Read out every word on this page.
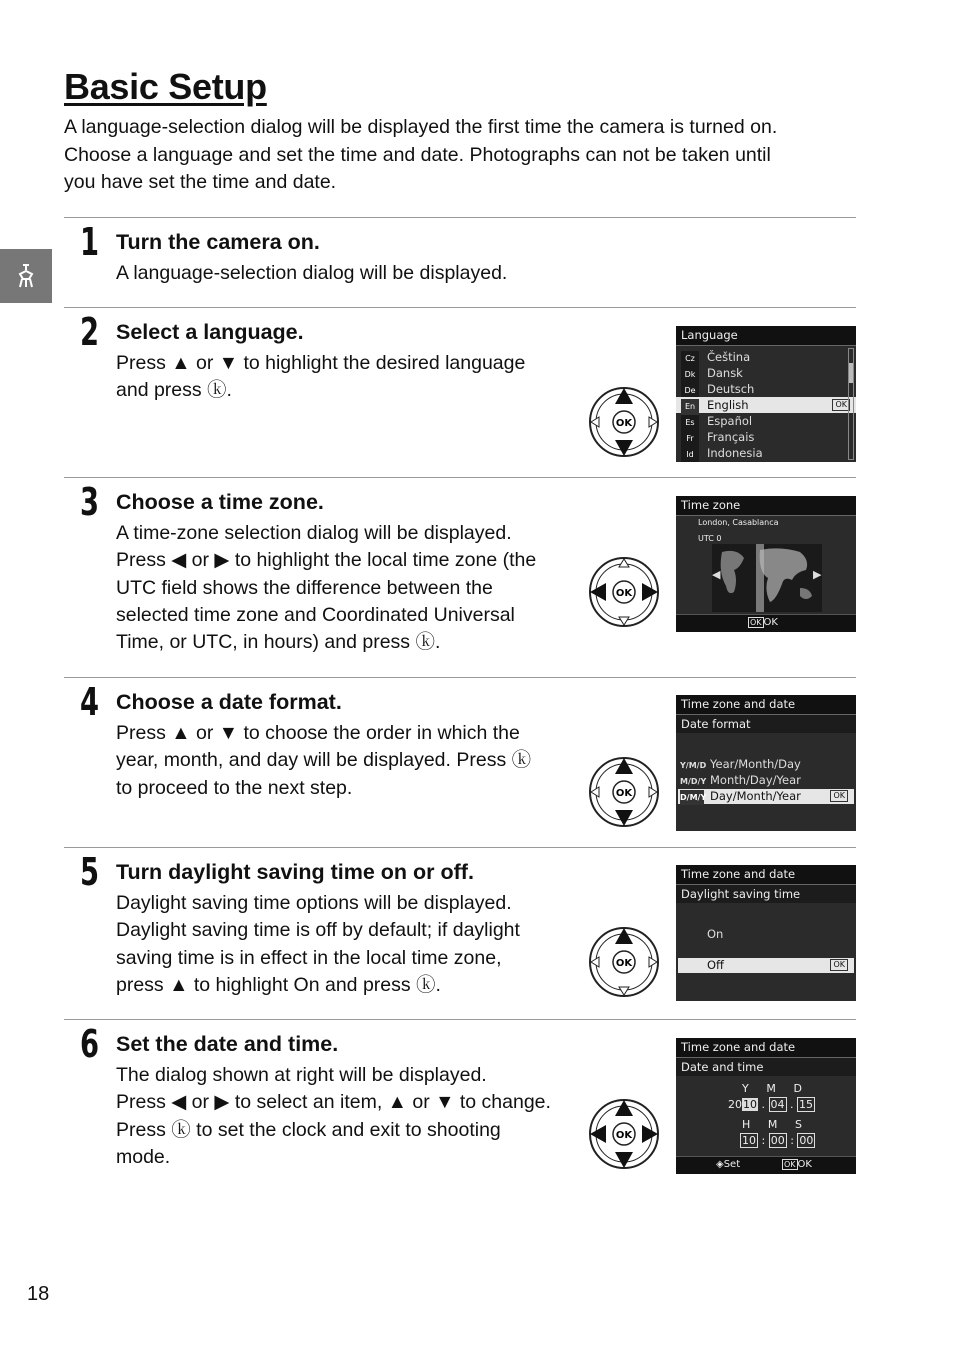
Basic Setup

A language-selection dialog will be displayed the first time the camera is turned on.

Choose a language and set the time and date. Photographs can not be taken until

you have set the time and date.

1 Turn the camera on.

A language-selection dialog will be displayed.

2 Select a language.

Press ▲ or ▼ to highlight the desired language

and press ⓚ.

OK
Language
Cz Čeština
Dk Dansk
De Deutsch
En English	OK
Es Español
Fr Français
Id Indonesia
3 Choose a time zone.

A time-zone selection dialog will be displayed.

Press ◀ or ▶ to highlight the local time zone (the

UTC field shows the difference between the

selected time zone and Coordinated Universal

Time, or UTC, in hours) and press ⓚ.

OK
Time zone
London, Casablanca
UTC 0
◀	▶
OK OK
4 Choose a date format.

Press ▲ or ▼ to choose the order in which the

year, month, and day will be displayed. Press ⓚ

to proceed to the next step.	OK
Time zone and date
Date format
Y/M/D Year/Month/Day
M/D/Y Month/Day/Year
D/M/Y Day/Month/Year	OK
5 Turn daylight saving time on or off.

Daylight saving time options will be displayed.

Daylight saving time is off by default; if daylight

saving time is in effect in the local time zone,

press ▲ to highlight On and press ⓚ.

OK
Time zone and date
Daylight saving time
On
Off	OK
6 Set the date and time.

The dialog shown at right will be displayed.

Press ◀ or ▶ to select an item, ▲ or ▼ to change.

Press ⓚ to set the clock and exit to shooting

mode.

OK
Time zone and date
Date and time
Y M D
2010 . 04 . 15
H M S
10 : 00 : 00
◈Set	OK OK
18
